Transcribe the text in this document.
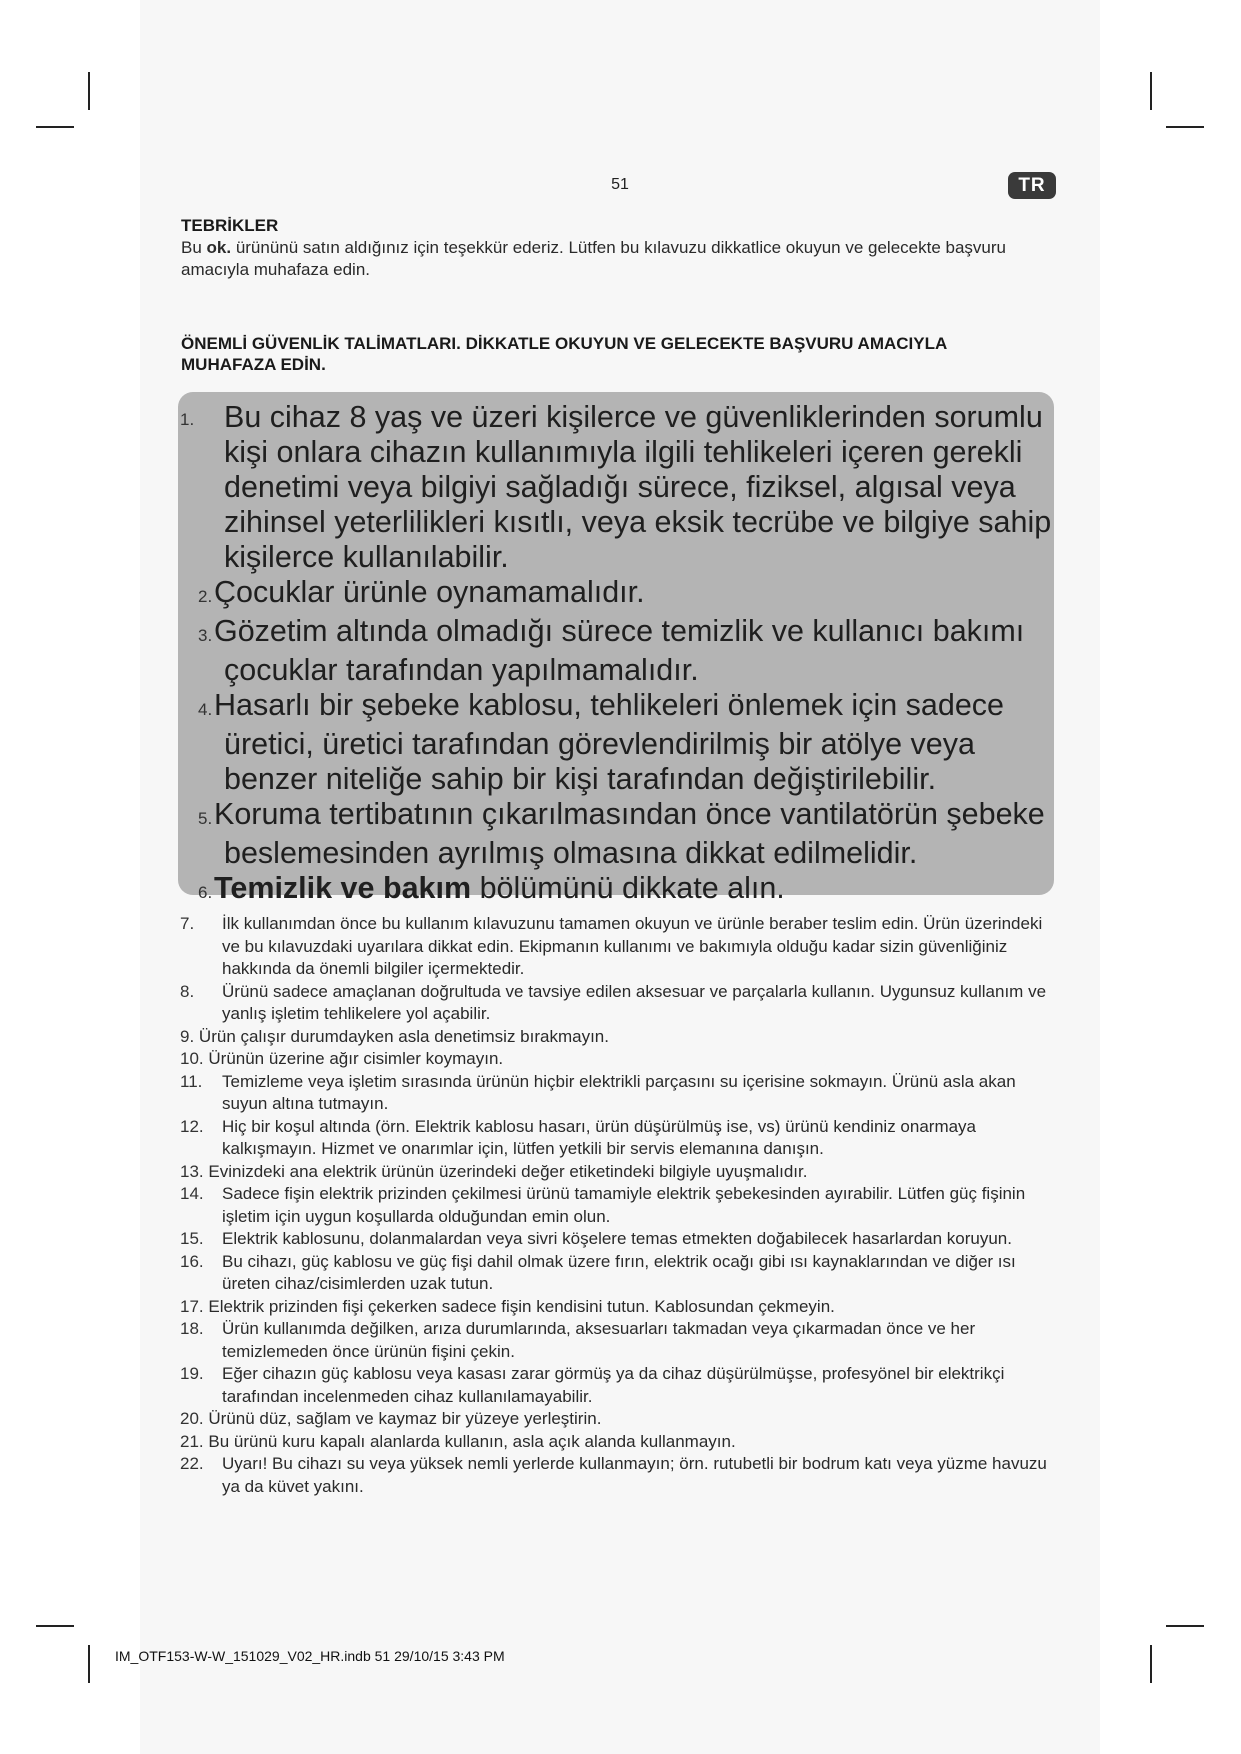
51	TR
TEBRİKLER
Bu ok. ürününü satın aldığınız için teşekkür ederiz. Lütfen bu kılavuzu dikkatlice okuyun ve gelecekte başvuru amacıyla muhafaza edin.
ÖNEMLİ GÜVENLİK TALİMATLARI. DİKKATLE OKUYUN VE GELECEKTE BAŞVURU AMACIYLA MUHAFAZA EDİN.
1. Bu cihaz 8 yaş ve üzeri kişilerce ve güvenliklerinden sorumlu kişi onlara cihazın kullanımıyla ilgili tehlikeleri içeren gerekli denetimi veya bilgiyi sağladığı sürece, fiziksel, algısal veya zihinsel yeterlilikleri kısıtlı, veya eksik tecrübe ve bilgiye sahip kişilerce kullanılabilir.
2.Çocuklar ürünle oynamamalıdır.
3.Gözetim altında olmadığı sürece temizlik ve kullanıcı bakımı çocuklar tarafından yapılmamalıdır.
4.Hasarlı bir şebeke kablosu, tehlikeleri önlemek için sadece üretici, üretici tarafından görevlendirilmiş bir atölye veya benzer niteliğe sahip bir kişi tarafından değiştirilebilir.
5.Koruma tertibatının çıkarılmasından önce vantilatörün şebeke beslemesinden ayrılmış olmasına dikkat edilmelidir.
6.Temizlik ve bakım bölümünü dikkate alın.
7.	İlk kullanımdan önce bu kullanım kılavuzunu tamamen okuyun ve ürünle beraber teslim edin. Ürün üzerindeki ve bu kılavuzdaki uyarılara dikkat edin. Ekipmanın kullanımı ve bakımıyla olduğu kadar sizin güvenliğiniz hakkında da önemli bilgiler içermektedir.
8.	Ürünü sadece amaçlanan doğrultuda ve tavsiye edilen aksesuar ve parçalarla kullanın. Uygunsuz kullanım ve yanlış işletim tehlikelere yol açabilir.
9. Ürün çalışır durumdayken asla denetimsiz bırakmayın.
10. Ürünün üzerine ağır cisimler koymayın.
11.	Temizleme veya işletim sırasında ürünün hiçbir elektrikli parçasını su içerisine sokmayın. Ürünü asla akan suyun altına tutmayın.
12.	Hiç bir koşul altında (örn. Elektrik kablosu hasarı, ürün düşürülmüş ise, vs) ürünü kendiniz onarmaya kalkışmayın. Hizmet ve onarımlar için, lütfen yetkili bir servis elemanına danışın.
13. Evinizdeki ana elektrik ürünün üzerindeki değer etiketindeki bilgiyle uyuşmalıdır.
14.	Sadece fişin elektrik prizinden çekilmesi ürünü tamamiyle elektrik şebekesinden ayırabilir. Lütfen güç fişinin işletim için uygun koşullarda olduğundan emin olun.
15.	Elektrik kablosunu, dolanmalardan veya sivri köşelere temas etmekten doğabilecek hasarlardan koruyun.
16.	Bu cihazı, güç kablosu ve güç fişi dahil olmak üzere fırın, elektrik ocağı gibi ısı kaynaklarından ve diğer ısı üreten cihaz/cisimlerden uzak tutun.
17. Elektrik prizinden fişi çekerken sadece fişin kendisini tutun. Kablosundan çekmeyin.
18.	Ürün kullanımda değilken, arıza durumlarında, aksesuarları takmadan veya çıkarmadan önce ve her temizlemeden önce ürünün fişini çekin.
19.	Eğer cihazın güç kablosu veya kasası zarar görmüş ya da cihaz düşürülmüşse, profesyönel bir elektrikçi tarafından incelenmeden cihaz kullanılamayabilir.
20. Ürünü düz, sağlam ve kaymaz bir yüzeye yerleştirin.
21. Bu ürünü kuru kapalı alanlarda kullanın, asla açık alanda kullanmayın.
22.	Uyarı! Bu cihazı su veya yüksek nemli yerlerde kullanmayın; örn. rutubetli bir bodrum katı veya yüzme havuzu ya da küvet yakını.
IM_OTF153-W-W_151029_V02_HR.indb 51 29/10/15 3:43 PM
